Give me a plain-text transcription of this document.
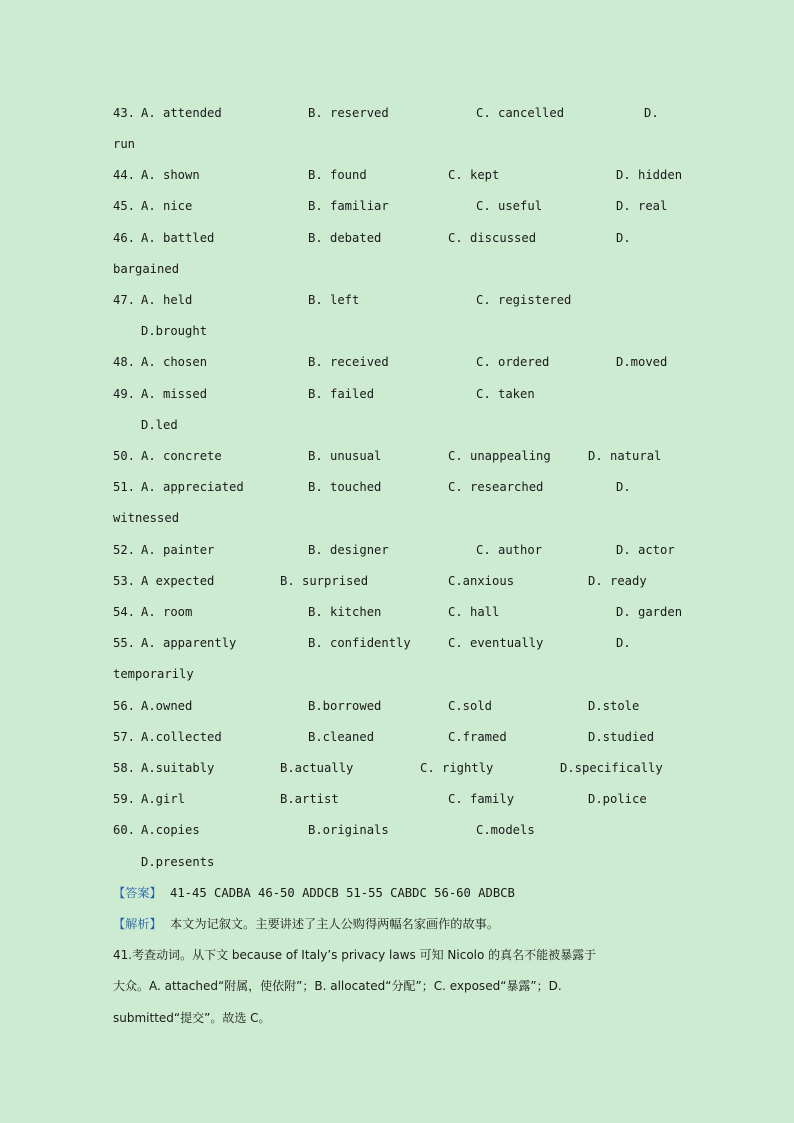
43. A. attended	B. reserved	C. cancelled	D.
run
44. A. shown	B. found	C. kept	D. hidden
45. A. nice	B. familiar	C. useful	D. real
46. A. battled	B. debated	C. discussed	D.
bargained
47. A. held	B. left	C. registered
D.brought
48. A. chosen	B. received	C. ordered	D.moved
49. A. missed	B. failed	C. taken
D.led
50. A. concrete	B. unusual	C. unappealing	D. natural
51. A. appreciated	B. touched	C. researched	D.
witnessed
52. A. painter	B. designer	C. author	D. actor
53. A expected	B. surprised	C.anxious	D. ready
54. A. room	B. kitchen	C. hall	D. garden
55. A. apparently	B. confidently	C. eventually	D.
temporarily
56. A.owned	B.borrowed	C.sold	D.stole
57. A.collected	B.cleaned	C.framed	D.studied
58. A.suitably	B.actually	C. rightly	D.specifically
59. A.girl	B.artist	C. family	D.police
60. A.copies	B.originals	C.models
D.presents
【答案】 41-45 CADBA 46-50 ADDCB 51-55 CABDC 56-60 ADBCB
【解析】 本文为记叙文。主要讲述了主人公购得两幅名家画作的故事。
41.考查动词。从下文 because of Italy’s privacy laws 可知 Nicolo 的真名不能被暴露于
大众。A. attached“附属，使依附”；B. allocated“分配”；C. exposed“暴露”；D.
submitted“提交”。故选 C。
